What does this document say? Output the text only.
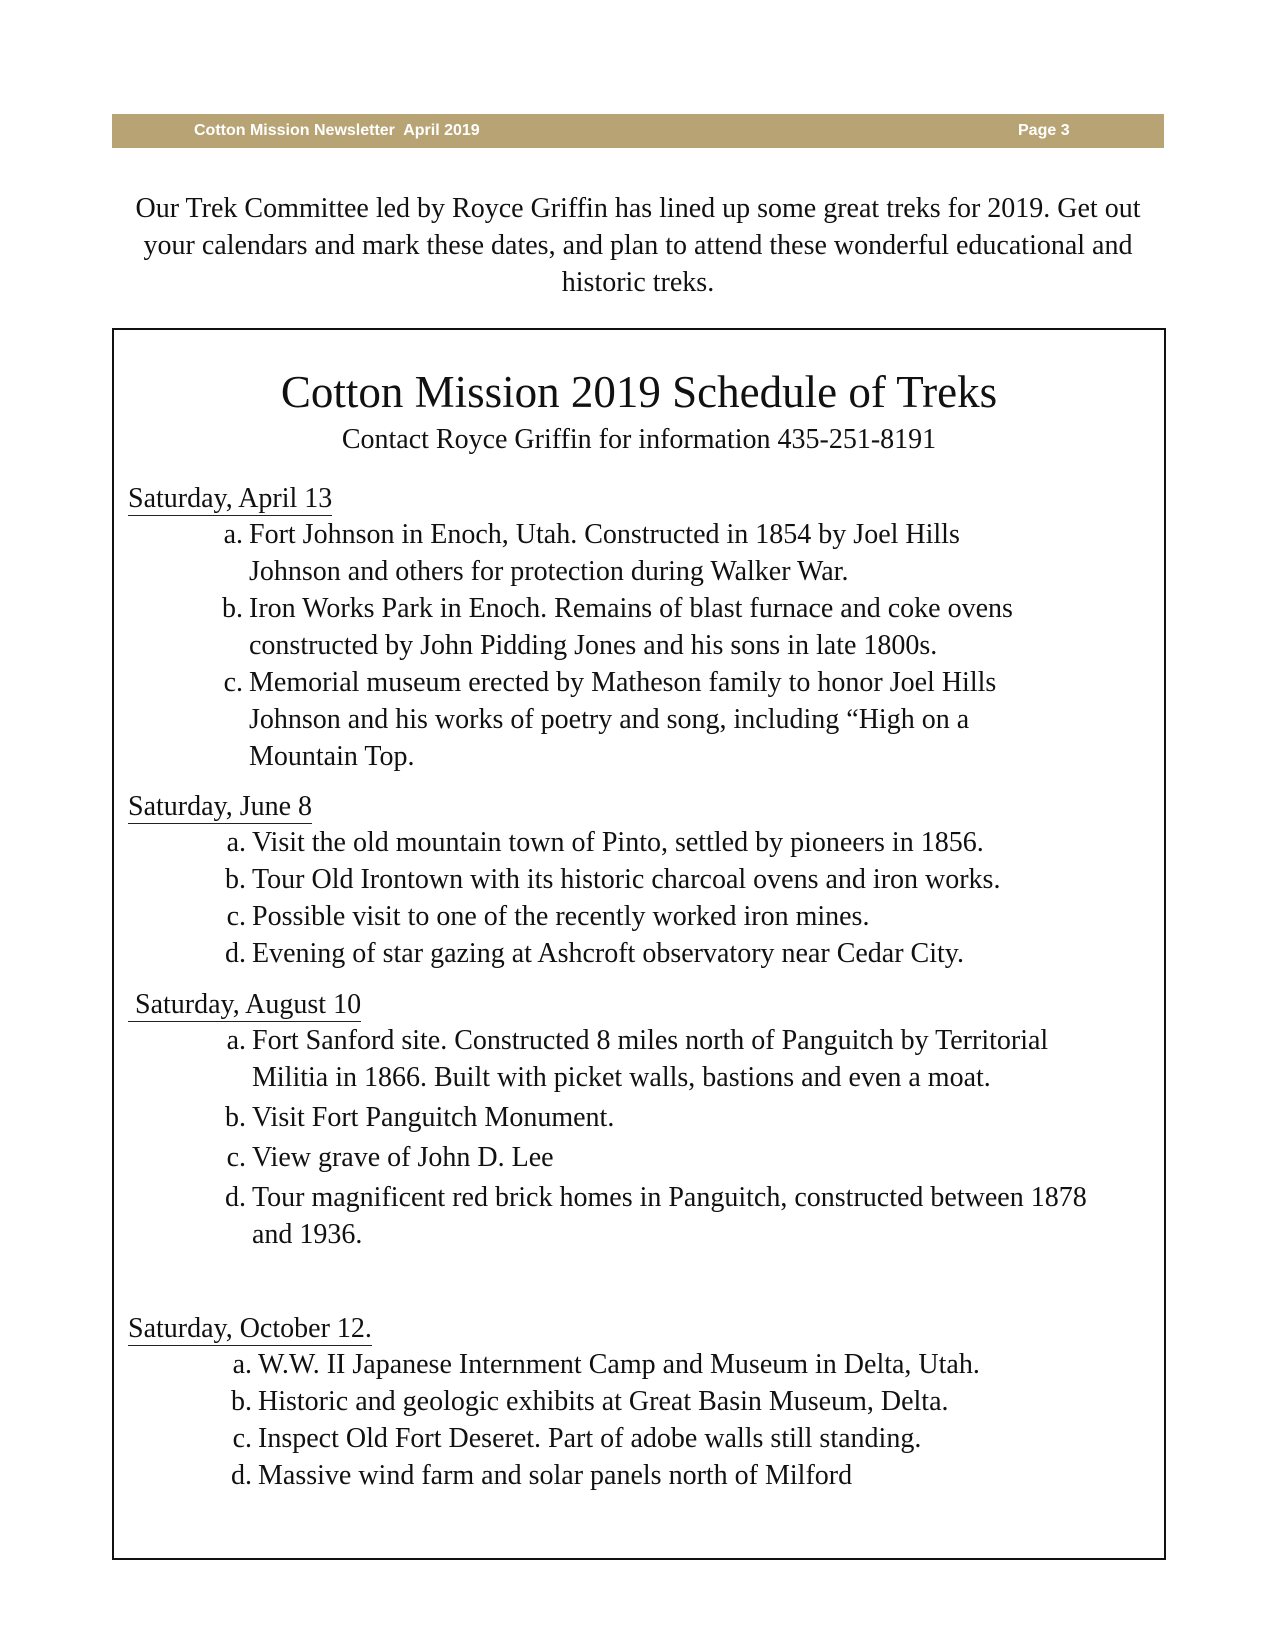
Cotton Mission Newsletter  April 2019	Page 3

Our Trek Committee led by Royce Griffin has lined up some great treks for 2019. Get out your calendars and mark these dates, and plan to attend these wonderful educational and historic treks.

Cotton Mission 2019 Schedule of Treks

Contact Royce Griffin for information 435-251-8191

Saturday, April 13
a. Fort Johnson in Enoch, Utah. Constructed in 1854 by Joel Hills Johnson and others for protection during Walker War.
b. Iron Works Park in Enoch. Remains of blast furnace and coke ovens constructed by John Pidding Jones and his sons in late 1800s.
c. Memorial museum erected by Matheson family to honor Joel Hills Johnson and his works of poetry and song, including “High on a Mountain Top.
Saturday, June 8
a. Visit the old mountain town of Pinto, settled by pioneers in 1856.
b. Tour Old Irontown with its historic charcoal ovens and iron works.
c. Possible visit to one of the recently worked iron mines.
d. Evening of star gazing at Ashcroft observatory near Cedar City.
Saturday, August 10
a. Fort Sanford site. Constructed 8 miles north of Panguitch by Territorial Militia in 1866. Built with picket walls, bastions and even a moat.
b. Visit Fort Panguitch Monument.
c. View grave of John D. Lee
d. Tour magnificent red brick homes in Panguitch, constructed between 1878 and 1936.
Saturday, October 12.
a. W.W. II Japanese Internment Camp and Museum in Delta, Utah.
b. Historic and geologic exhibits at Great Basin Museum, Delta.
c. Inspect Old Fort Deseret. Part of adobe walls still standing.
d. Massive wind farm and solar panels north of Milford
